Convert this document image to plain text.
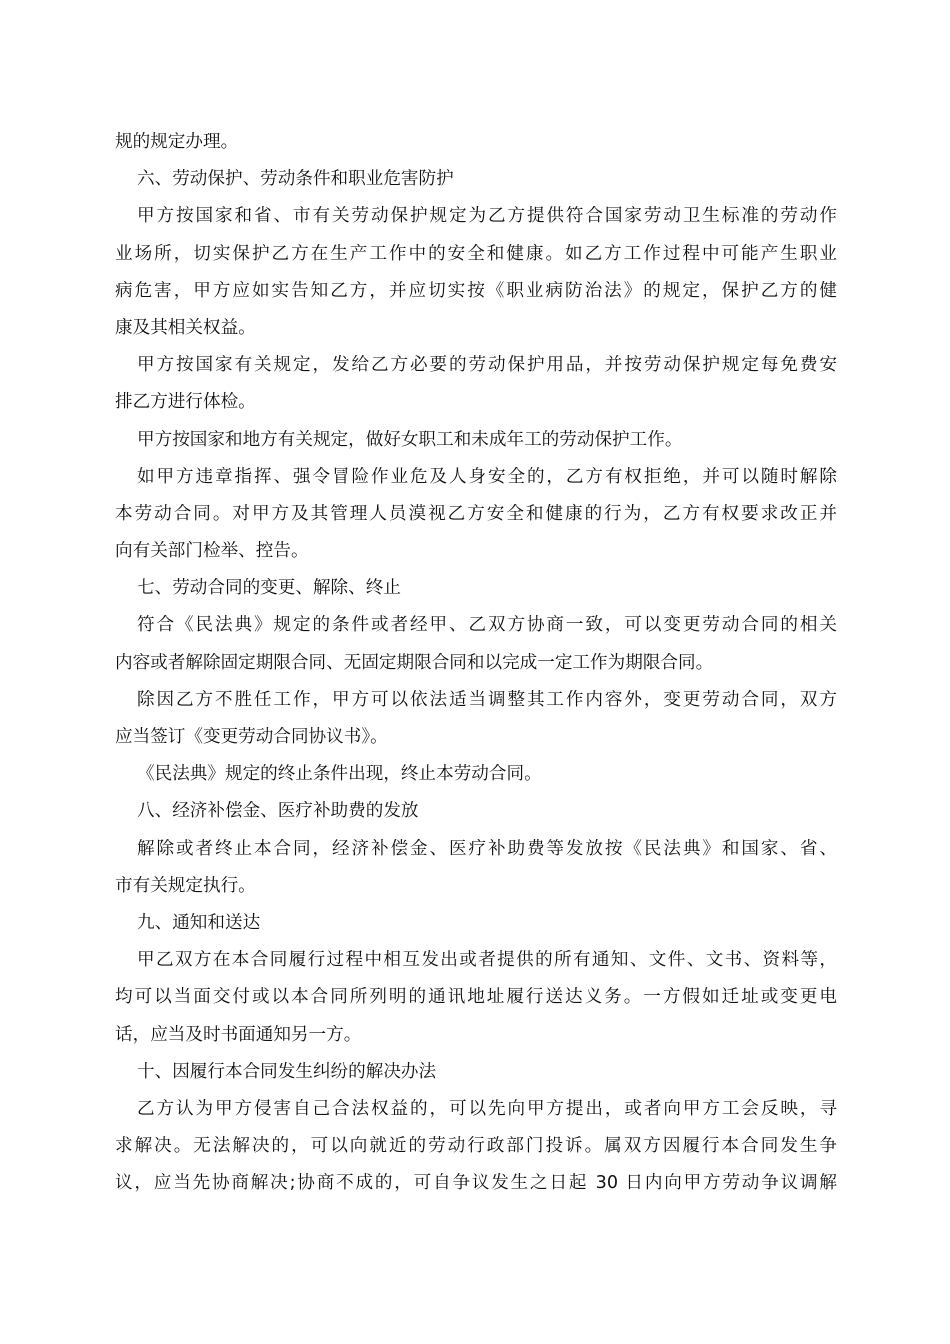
规的规定办理。
六、劳动保护、劳动条件和职业危害防护
甲方按国家和省、市有关劳动保护规定为乙方提供符合国家劳动卫生标准的劳动作
业场所，切实保护乙方在生产工作中的安全和健康。如乙方工作过程中可能产生职业
病危害，甲方应如实告知乙方，并应切实按《职业病防治法》的规定，保护乙方的健
康及其相关权益。
甲方按国家有关规定，发给乙方必要的劳动保护用品，并按劳动保护规定每免费安
排乙方进行体检。
甲方按国家和地方有关规定，做好女职工和未成年工的劳动保护工作。
如甲方违章指挥、强令冒险作业危及人身安全的，乙方有权拒绝，并可以随时解除
本劳动合同。对甲方及其管理人员漠视乙方安全和健康的行为，乙方有权要求改正并
向有关部门检举、控告。
七、劳动合同的变更、解除、终止
符合《民法典》规定的条件或者经甲、乙双方协商一致，可以变更劳动合同的相关
内容或者解除固定期限合同、无固定期限合同和以完成一定工作为期限合同。
除因乙方不胜任工作，甲方可以依法适当调整其工作内容外，变更劳动合同，双方
应当签订《变更劳动合同协议书》。
《民法典》规定的终止条件出现，终止本劳动合同。
八、经济补偿金、医疗补助费的发放
解除或者终止本合同，经济补偿金、医疗补助费等发放按《民法典》和国家、省、
市有关规定执行。
九、通知和送达
甲乙双方在本合同履行过程中相互发出或者提供的所有通知、文件、文书、资料等，
均可以当面交付或以本合同所列明的通讯地址履行送达义务。一方假如迁址或变更电
话，应当及时书面通知另一方。
十、因履行本合同发生纠纷的解决办法
乙方认为甲方侵害自己合法权益的，可以先向甲方提出，或者向甲方工会反映，寻
求解决。无法解决的，可以向就近的劳动行政部门投诉。属双方因履行本合同发生争
议，应当先协商解决;协商不成的，可自争议发生之日起 30 日内向甲方劳动争议调解
